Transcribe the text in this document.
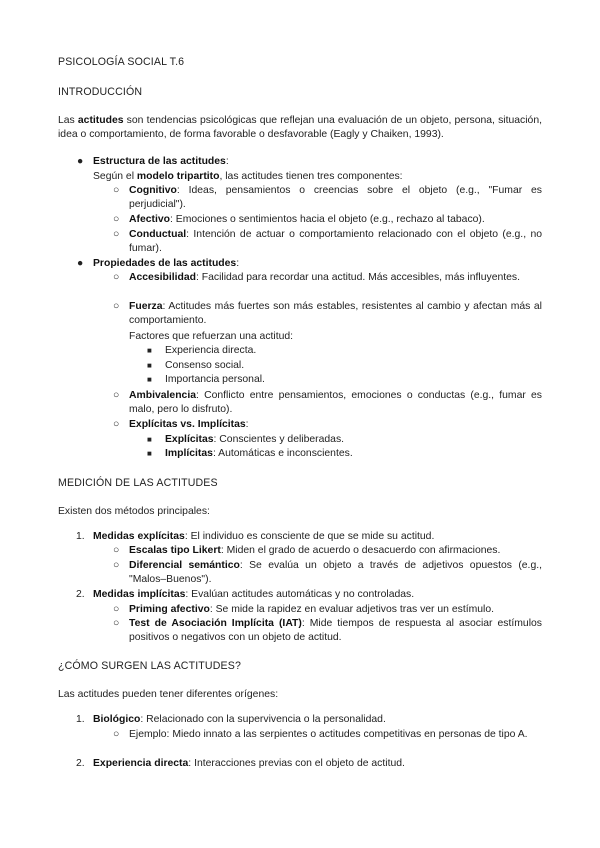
PSICOLOGÍA SOCIAL T.6
INTRODUCCIÓN
Las actitudes son tendencias psicológicas que reflejan una evaluación de un objeto, persona, situación, idea o comportamiento, de forma favorable o desfavorable (Eagly y Chaiken, 1993).
● Estructura de las actitudes:
Según el modelo tripartito, las actitudes tienen tres componentes:
○ Cognitivo: Ideas, pensamientos o creencias sobre el objeto (e.g., "Fumar es perjudicial").
○ Afectivo: Emociones o sentimientos hacia el objeto (e.g., rechazo al tabaco).
○ Conductual: Intención de actuar o comportamiento relacionado con el objeto (e.g., no fumar).
● Propiedades de las actitudes:
○ Accesibilidad: Facilidad para recordar una actitud. Más accesibles, más influyentes.
○ Fuerza: Actitudes más fuertes son más estables, resistentes al cambio y afectan más al comportamiento.
Factores que refuerzan una actitud:
■ Experiencia directa.
■ Consenso social.
■ Importancia personal.
○ Ambivalencia: Conflicto entre pensamientos, emociones o conductas (e.g., fumar es malo, pero lo disfruto).
○ Explícitas vs. Implícitas:
■ Explícitas: Conscientes y deliberadas.
■ Implícitas: Automáticas e inconscientes.
MEDICIÓN DE LAS ACTITUDES
Existen dos métodos principales:
1. Medidas explícitas: El individuo es consciente de que se mide su actitud.
○ Escalas tipo Likert: Miden el grado de acuerdo o desacuerdo con afirmaciones.
○ Diferencial semántico: Se evalúa un objeto a través de adjetivos opuestos (e.g., "Malos–Buenos").
2. Medidas implícitas: Evalúan actitudes automáticas y no controladas.
○ Priming afectivo: Se mide la rapidez en evaluar adjetivos tras ver un estímulo.
○ Test de Asociación Implícita (IAT): Mide tiempos de respuesta al asociar estímulos positivos o negativos con un objeto de actitud.
¿CÓMO SURGEN LAS ACTITUDES?
Las actitudes pueden tener diferentes orígenes:
1. Biológico: Relacionado con la supervivencia o la personalidad.
○ Ejemplo: Miedo innato a las serpientes o actitudes competitivas en personas de tipo A.
2. Experiencia directa: Interacciones previas con el objeto de actitud.
